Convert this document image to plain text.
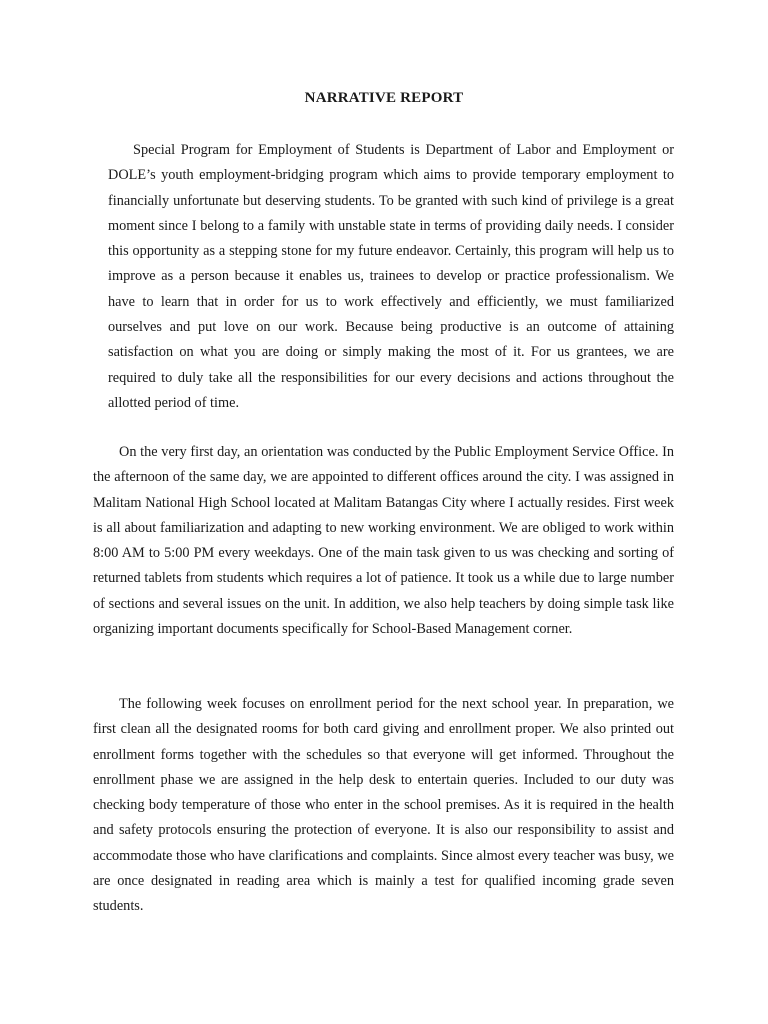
NARRATIVE REPORT

Special Program for Employment of Students is Department of Labor and Employment or DOLE’s youth employment-bridging program which aims to provide temporary employment to financially unfortunate but deserving students. To be granted with such kind of privilege is a great moment since I belong to a family with unstable state in terms of providing daily needs. I consider this opportunity as a stepping stone for my future endeavor. Certainly, this program will help us to improve as a person because it enables us, trainees to develop or practice professionalism. We have to learn that in order for us to work effectively and efficiently, we must familiarized ourselves and put love on our work. Because being productive is an outcome of attaining satisfaction on what you are doing or simply making the most of it. For us grantees, we are required to duly take all the responsibilities for our every decisions and actions throughout the allotted period of time.

On the very first day, an orientation was conducted by the Public Employment Service Office. In the afternoon of the same day, we are appointed to different offices around the city. I was assigned in Malitam National High School located at Malitam Batangas City where I actually resides. First week is all about familiarization and adapting to new working environment. We are obliged to work within 8:00 AM to 5:00 PM every weekdays. One of the main task given to us was checking and sorting of returned tablets from students which requires a lot of patience. It took us a while due to large number of sections and several issues on the unit. In addition, we also help teachers by doing simple task like organizing important documents specifically for School-Based Management corner.

The following week focuses on enrollment period for the next school year. In preparation, we first clean all the designated rooms for both card giving and enrollment proper. We also printed out enrollment forms together with the schedules so that everyone will get informed. Throughout the enrollment phase we are assigned in the help desk to entertain queries. Included to our duty was checking body temperature of those who enter in the school premises. As it is required in the health and safety protocols ensuring the protection of everyone. It is also our responsibility to assist and accommodate those who have clarifications and complaints. Since almost every teacher was busy, we are once designated in reading area which is mainly a test for qualified incoming grade seven students.
